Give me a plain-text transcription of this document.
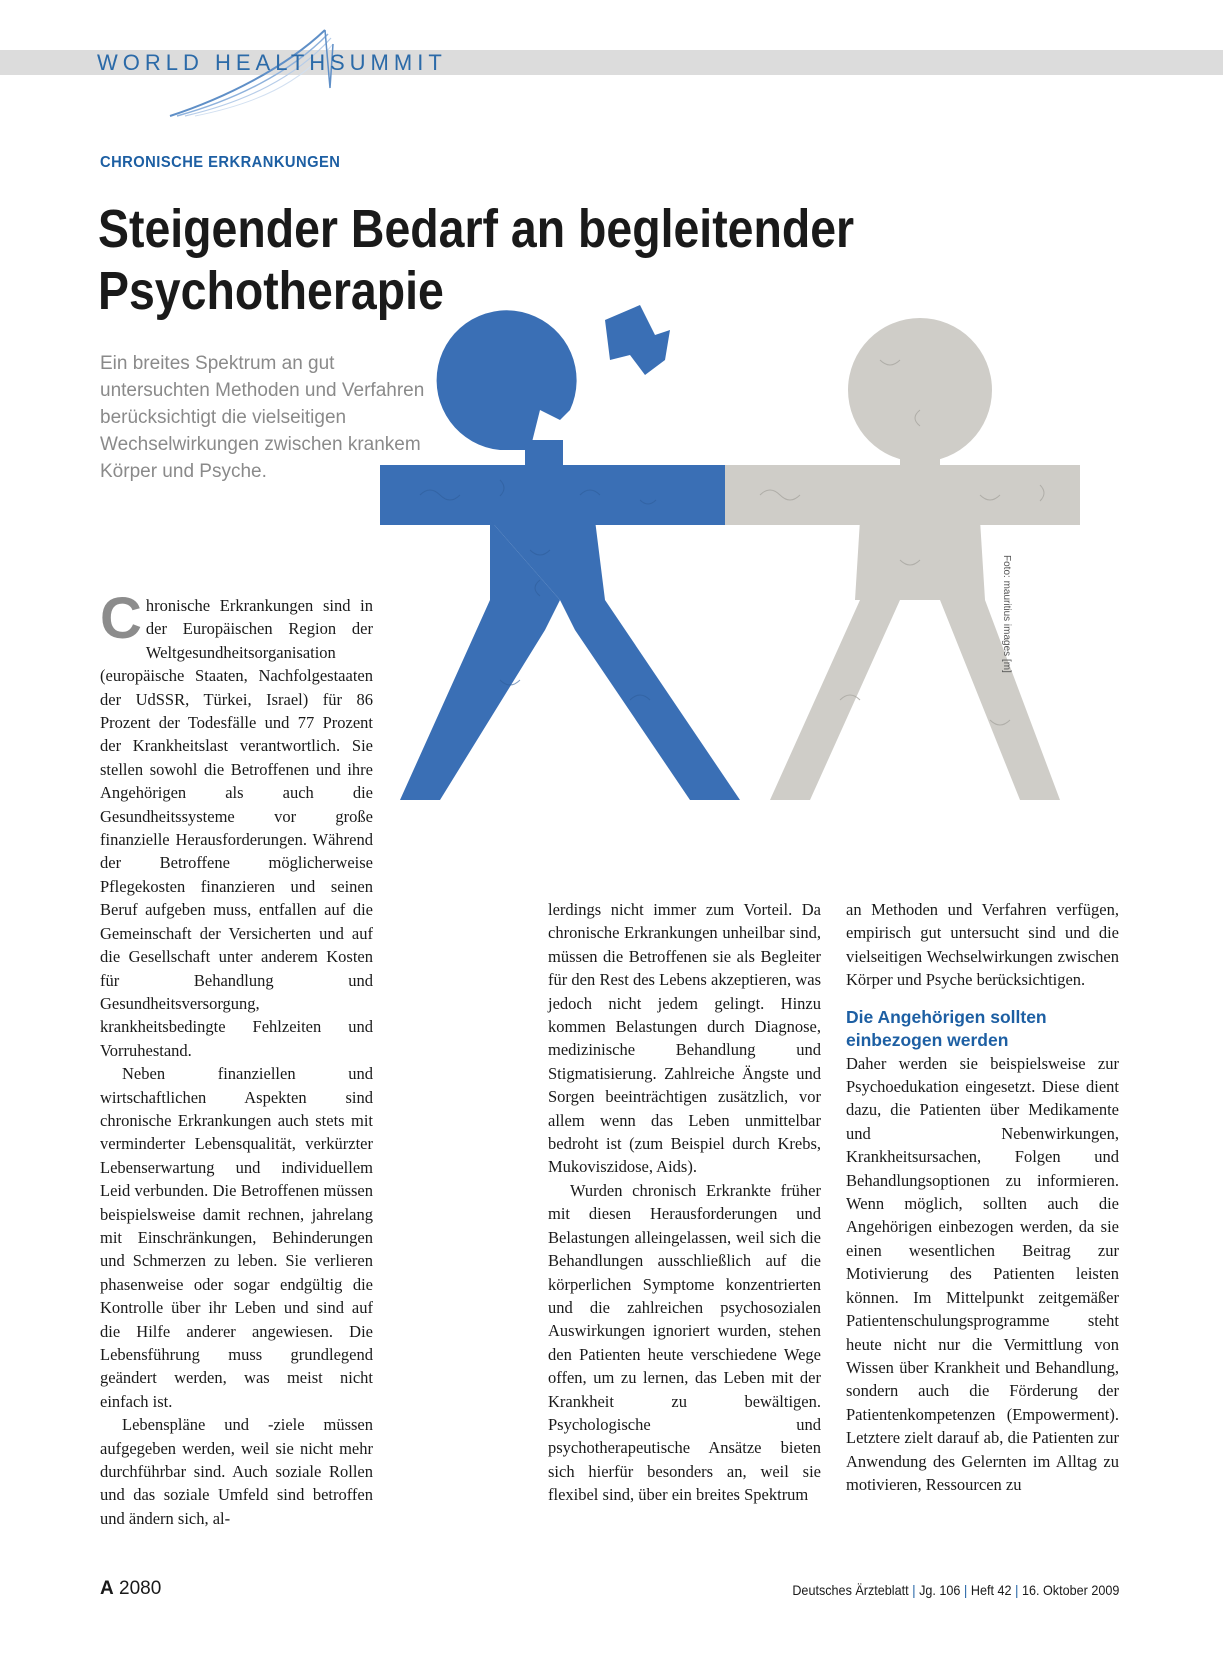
WORLD HEALTH SUMMIT
CHRONISCHE ERKRANKUNGEN
Steigender Bedarf an begleitender
Psychotherapie

Ein breites Spektrum an gut untersuchten Methoden und Verfahren berücksichtigt die vielseitigen Wechselwirkungen zwischen krankem Körper und Psyche.

Foto: mauritius images [m]

Chronische Erkrankungen sind in der Europäischen Region der Weltgesundheitsorganisation (europäische Staaten, Nachfolgestaaten der UdSSR, Türkei, Israel) für 86 Prozent der Todesfälle und 77 Prozent der Krankheitslast verantwortlich. Sie stellen sowohl die Betroffenen und ihre Angehörigen als auch die Gesundheitssysteme vor große finanzielle Herausforderungen. Während der Betroffene möglicherweise Pflegekosten finanzieren und seinen Beruf aufgeben muss, entfallen auf die Gemeinschaft der Versicherten und auf die Gesellschaft unter anderem Kosten für Behandlung und Gesundheitsversorgung, krankheitsbedingte Fehlzeiten und Vorruhestand.

Neben finanziellen und wirtschaftlichen Aspekten sind chronische Erkrankungen auch stets mit verminderter Lebensqualität, verkürzter Lebenserwartung und individuellem Leid verbunden. Die Betroffenen müssen beispielsweise damit rechnen, jahrelang mit Einschränkungen, Behinderungen und Schmerzen zu leben. Sie verlieren phasenweise oder sogar endgültig die Kontrolle über ihr Leben und sind auf die Hilfe anderer angewiesen. Die Lebensführung muss grundlegend geändert werden, was meist nicht einfach ist.

Lebenspläne und -ziele müssen aufgegeben werden, weil sie nicht mehr durchführbar sind. Auch soziale Rollen und das soziale Umfeld sind betroffen und ändern sich, al-

lerdings nicht immer zum Vorteil. Da chronische Erkrankungen unheilbar sind, müssen die Betroffenen sie als Begleiter für den Rest des Lebens akzeptieren, was jedoch nicht jedem gelingt. Hinzu kommen Belastungen durch Diagnose, medizinische Behandlung und Stigmatisierung. Zahlreiche Ängste und Sorgen beeinträchtigen zusätzlich, vor allem wenn das Leben unmittelbar bedroht ist (zum Beispiel durch Krebs, Mukoviszidose, Aids).

Wurden chronisch Erkrankte früher mit diesen Herausforderungen und Belastungen alleingelassen, weil sich die Behandlungen ausschließlich auf die körperlichen Symptome konzentrierten und die zahlreichen psychosozialen Auswirkungen ignoriert wurden, stehen den Patienten heute verschiedene Wege offen, um zu lernen, das Leben mit der Krankheit zu bewältigen. Psychologische und psychotherapeutische Ansätze bieten sich hierfür besonders an, weil sie flexibel sind, über ein breites Spektrum

an Methoden und Verfahren verfügen, empirisch gut untersucht sind und die vielseitigen Wechselwirkungen zwischen Körper und Psyche berücksichtigen.

Die Angehörigen sollten
einbezogen werden

Daher werden sie beispielsweise zur Psychoedukation eingesetzt. Diese dient dazu, die Patienten über Medikamente und Nebenwirkungen, Krankheitsursachen, Folgen und Behandlungsoptionen zu informieren. Wenn möglich, sollten auch die Angehörigen einbezogen werden, da sie einen wesentlichen Beitrag zur Motivierung des Patienten leisten können. Im Mittelpunkt zeitgemäßer Patientenschulungsprogramme steht heute nicht nur die Vermittlung von Wissen über Krankheit und Behandlung, sondern auch die Förderung der Patientenkompetenzen (Empowerment). Letztere zielt darauf ab, die Patienten zur Anwendung des Gelernten im Alltag zu motivieren, Ressourcen zu

A 2080	Deutsches Ärzteblatt | Jg. 106 | Heft 42 | 16. Oktober 2009
